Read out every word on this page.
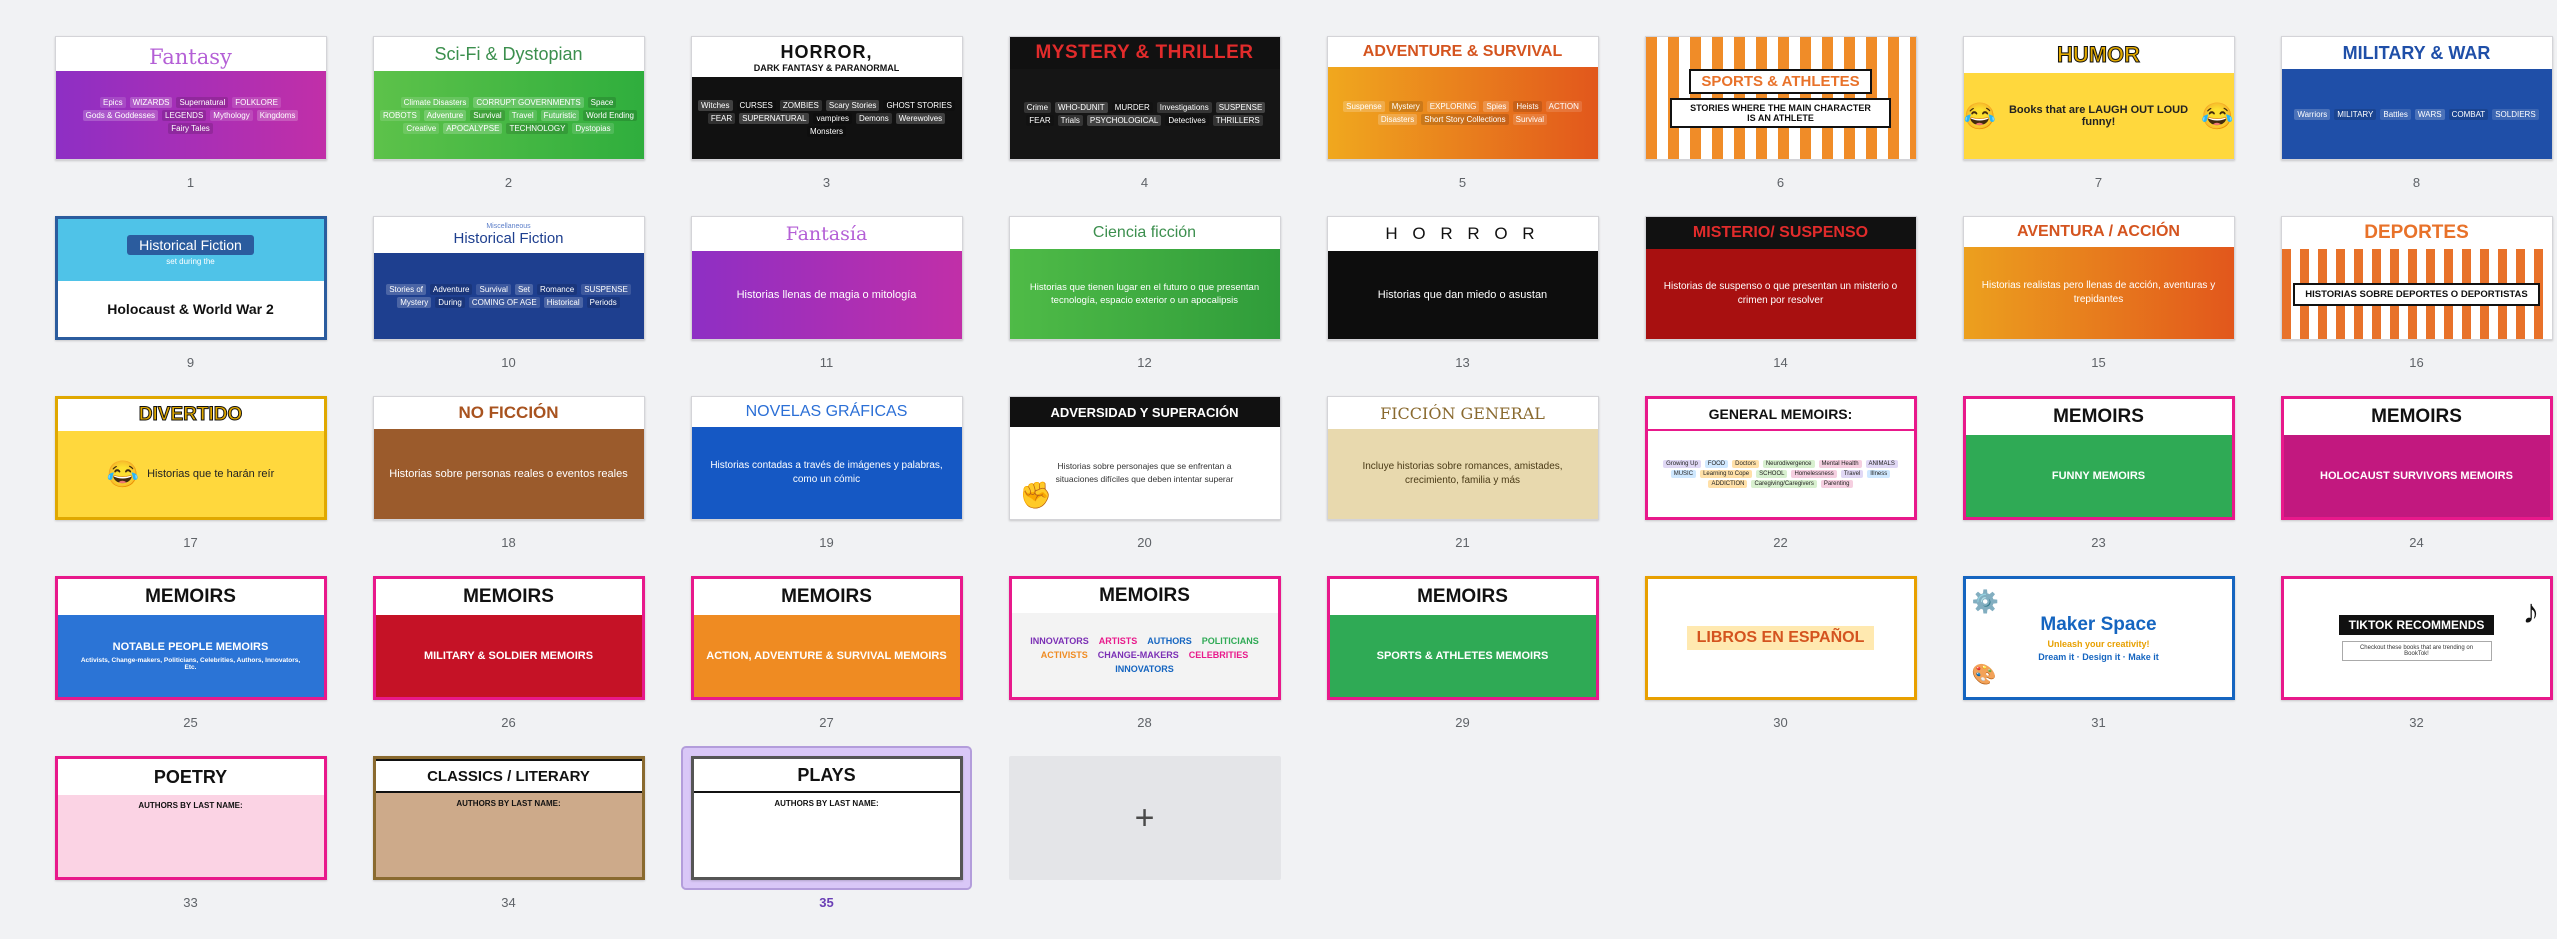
Fantasy
Epics	WIZARDS	Supernatural	FOLKLORE
Gods & Goddesses	LEGENDS	Mythology	Kingdoms
Fairy Tales
1
Sci-Fi & Dystopian
Climate Disasters	CORRUPT GOVERNMENTS	Space
ROBOTS	Adventure	Survival	Travel	Futuristic	World Ending
Creative	APOCALYPSE	TECHNOLOGY	Dystopias
2
HORROR,
DARK FANTASY & PARANORMAL
Witches	CURSES	ZOMBIES	Scary Stories	GHOST STORIES
FEAR	SUPERNATURAL	vampires	Demons	Werewolves
Monsters
3
MYSTERY & THRILLER
Crime	WHO-DUNIT	MURDER	Investigations	SUSPENSE
FEAR	Trials	PSYCHOLOGICAL	Detectives	THRILLERS
4
ADVENTURE & SURVIVAL
Suspense	Mystery	EXPLORING	Spies	Heists	ACTION
Disasters	Short Story Collections	Survival
5
SPORTS & ATHLETES
STORIES WHERE THE MAIN CHARACTER IS AN ATHLETE
6
HUMOR
😂	Books that are LAUGH OUT LOUD funny!	😂
7
MILITARY & WAR
Warriors	MILITARY	Battles	WARS	COMBAT	SOLDIERS
8
Historical Fiction
set during the
Holocaust & World War 2
9
Miscellaneous
Historical Fiction
Stories of	Adventure	Survival	Set	Romance	SUSPENSE
Mystery	During	COMING OF AGE	Historical	Periods
10
Fantasía
Historias llenas de magia o mitología
11
Ciencia ficción
Historias que tienen lugar en el futuro o que presentan tecnología, espacio exterior o un apocalipsis
12
H O R R O R
Historias que dan miedo o asustan
13
MISTERIO/ SUSPENSO
Historias de suspenso o que presentan un misterio o crimen por resolver
14
AVENTURA / ACCIÓN
Historias realistas pero llenas de acción, aventuras y trepidantes
15
DEPORTES
HISTORIAS SOBRE DEPORTES O DEPORTISTAS
16
DIVERTIDO
😂 Historias que te harán reír
17
NO FICCIÓN
Historias sobre personas reales o eventos reales
18
NOVELAS GRÁFICAS
Historias contadas a través de imágenes y palabras, como un cómic
19
ADVERSIDAD Y SUPERACIÓN
Historias sobre personajes que se enfrentan a situaciones difíciles que deben intentar superar
✊
20
FICCIÓN GENERAL
Incluye historias sobre romances, amistades, crecimiento, familia y más
21
GENERAL MEMOIRS:
Growing Up	FOOD	Doctors	Neurodivergence	Mental Health	ANIMALS
MUSIC	Learning to Cope	SCHOOL	Homelessness	Travel	Illness
ADDICTION	Caregiving/Caregivers	Parenting
22
MEMOIRS
FUNNY MEMOIRS
23
MEMOIRS
HOLOCAUST SURVIVORS MEMOIRS
24
MEMOIRS
NOTABLE PEOPLE MEMOIRS
Activists, Change-makers, Politicians, Celebrities, Authors, Innovators, Etc.
25
MEMOIRS
MILITARY & SOLDIER MEMOIRS
26
MEMOIRS
ACTION, ADVENTURE & SURVIVAL MEMOIRS
27
MEMOIRS
INNOVATORS	ARTISTS	AUTHORS	POLITICIANS
ACTIVISTS	CHANGE-MAKERS	CELEBRITIES
INNOVATORS
28
MEMOIRS
SPORTS & ATHLETES MEMOIRS
29
LIBROS EN ESPAÑOL
30
Maker Space
Unleash your creativity!
Dream it · Design it · Make it
⚙️
🎨
31
TIKTOK RECOMMENDS
Checkout these books that are trending on BookTok!
♪
32
POETRY
AUTHORS BY LAST NAME:
33
CLASSICS / LITERARY
AUTHORS BY LAST NAME:
34
PLAYS
AUTHORS BY LAST NAME:
35
+
